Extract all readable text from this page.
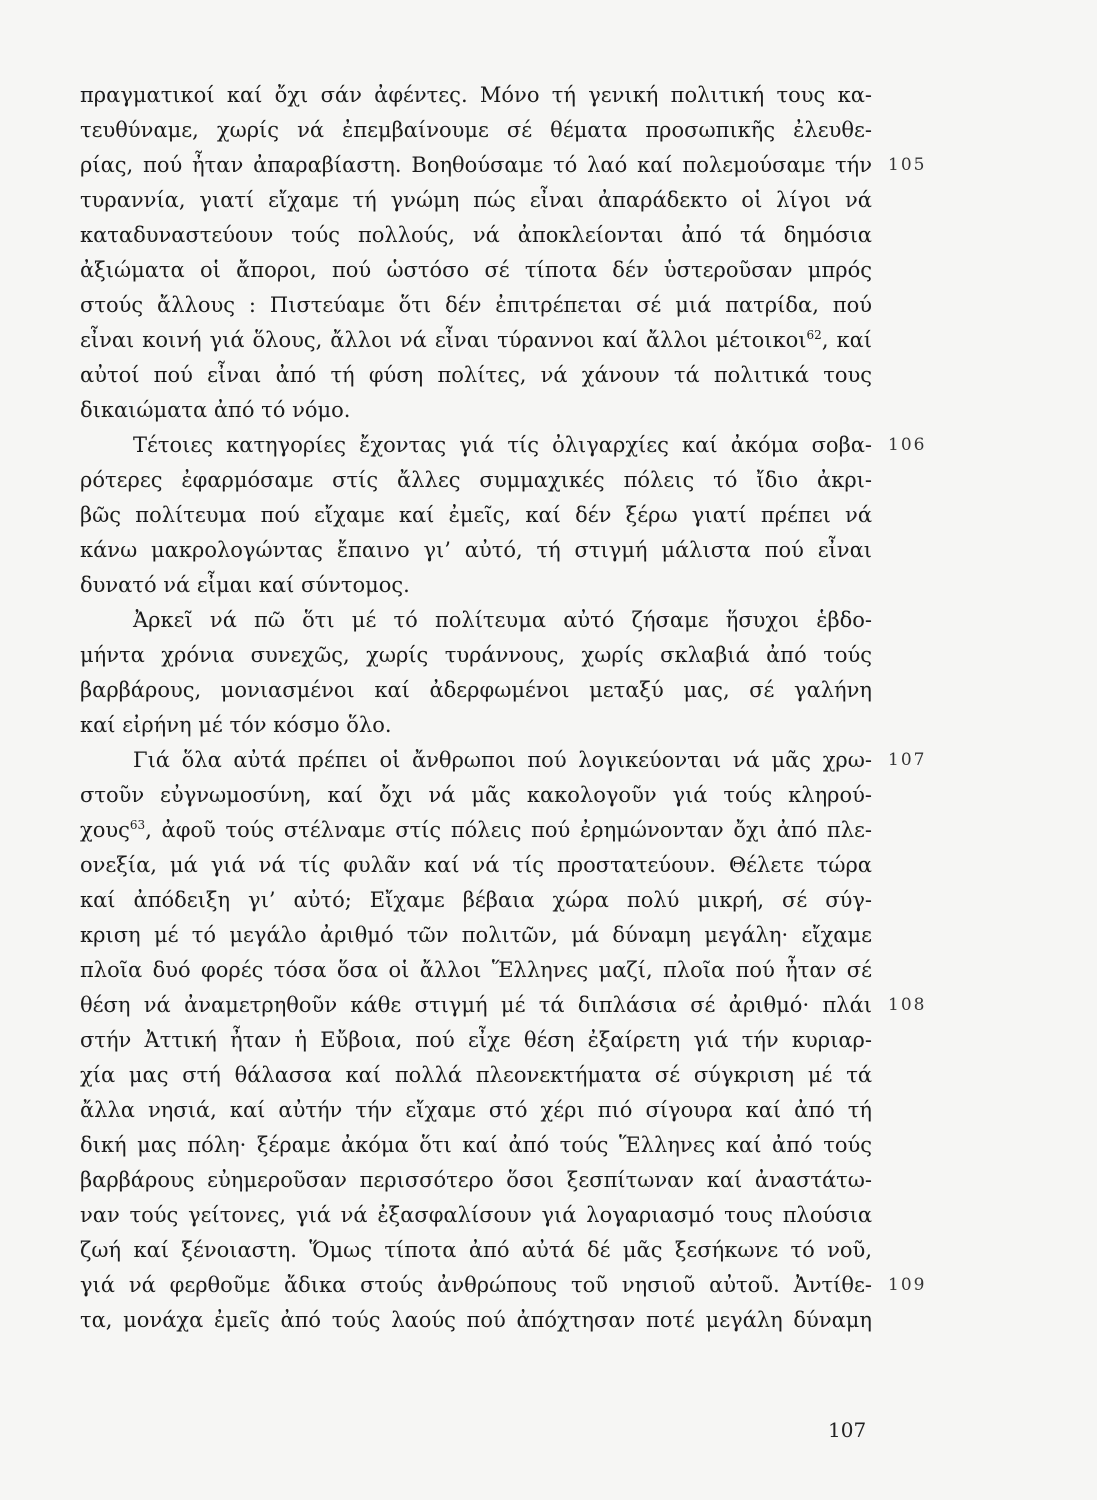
πραγματικοί καί ὄχι σάν ἀφέντες. Μόνο τή γενική πολιτική τους κα-
τευθύναμε, χωρίς νά ἐπεμβαίνουμε σέ θέματα προσωπικῆς ἐλευθε-
ρίας, πού ἦταν ἀπαραβίαστη. Βοηθούσαμε τό λαό καί πολεμούσαμε τήν 105
τυραννία, γιατί εἴχαμε τή γνώμη πώς εἶναι ἀπαράδεκτο οἱ λίγοι νά
καταδυναστεύουν τούς πολλούς, νά ἀποκλείονται ἀπό τά δημόσια
ἀξιώματα οἱ ἄποροι, πού ὡστόσο σέ τίποτα δέν ὑστεροῦσαν μπρός
στούς ἄλλους : Πιστεύαμε ὅτι δέν ἐπιτρέπεται σέ μιά πατρίδα, πού
εἶναι κοινή γιά ὅλους, ἄλλοι νά εἶναι τύραννοι καί ἄλλοι μέτοικοι$^{62}$, καί
αὐτοί πού εἶναι ἀπό τή φύση πολίτες, νά χάνουν τά πολιτικά τους
δικαιώματα ἀπό τό νόμο.
Τέτοιες κατηγορίες ἔχοντας γιά τίς ὀλιγαρχίες καί ἀκόμα σοβα- 106
ρότερες ἐφαρμόσαμε στίς ἄλλες συμμαχικές πόλεις τό ἴδιο ἀκρι-
βῶς πολίτευμα πού εἴχαμε καί ἐμεῖς, καί δέν ξέρω γιατί πρέπει νά
κάνω μακρολογώντας ἔπαινο γι’ αὐτό, τή στιγμή μάλιστα πού εἶναι
δυνατό νά εἶμαι καί σύντομος.
Ἀρκεῖ νά πῶ ὅτι μέ τό πολίτευμα αὐτό ζήσαμε ἥσυχοι ἑβδο-
μήντα χρόνια συνεχῶς, χωρίς τυράννους, χωρίς σκλαβιά ἀπό τούς
βαρβάρους, μονιασμένοι καί ἀδερφωμένοι μεταξύ μας, σέ γαλήνη
καί εἰρήνη μέ τόν κόσμο ὅλο.
Γιά ὅλα αὐτά πρέπει οἱ ἄνθρωποι πού λογικεύονται νά μᾶς χρω- 107
στοῦν εὐγνωμοσύνη, καί ὄχι νά μᾶς κακολογοῦν γιά τούς κληρού-
χους$^{63}$, ἀφοῦ τούς στέλναμε στίς πόλεις πού ἐρημώνονταν ὄχι ἀπό πλε-
ονεξία, μά γιά νά τίς φυλᾶν καί νά τίς προστατεύουν. Θέλετε τώρα
καί ἀπόδειξη γι’ αὐτό; Εἴχαμε βέβαια χώρα πολύ μικρή, σέ σύγ-
κριση μέ τό μεγάλο ἀριθμό τῶν πολιτῶν, μά δύναμη μεγάλη· εἴχαμε
πλοῖα δυό φορές τόσα ὅσα οἱ ἄλλοι Ἕλληνες μαζί, πλοῖα πού ἦταν σέ
θέση νά ἀναμετρηθοῦν κάθε στιγμή μέ τά διπλάσια σέ ἀριθμό· πλάι 108
στήν Ἀττική ἦταν ἡ Εὔβοια, πού εἶχε θέση ἐξαίρετη γιά τήν κυριαρ-
χία μας στή θάλασσα καί πολλά πλεονεκτήματα σέ σύγκριση μέ τά
ἄλλα νησιά, καί αὐτήν τήν εἴχαμε στό χέρι πιό σίγουρα καί ἀπό τή
δική μας πόλη· ξέραμε ἀκόμα ὅτι καί ἀπό τούς Ἕλληνες καί ἀπό τούς
βαρβάρους εὐημεροῦσαν περισσότερο ὅσοι ξεσπίτωναν καί ἀναστάτω-
ναν τούς γείτονες, γιά νά ἐξασφαλίσουν γιά λογαριασμό τους πλούσια
ζωή καί ξένοιαστη. Ὅμως τίποτα ἀπό αὐτά δέ μᾶς ξεσήκωνε τό νοῦ,
γιά νά φερθοῦμε ἄδικα στούς ἀνθρώπους τοῦ νησιοῦ αὐτοῦ. Ἀντίθε- 109
τα, μονάχα ἐμεῖς ἀπό τούς λαούς πού ἀπόχτησαν ποτέ μεγάλη δύναμη
107
